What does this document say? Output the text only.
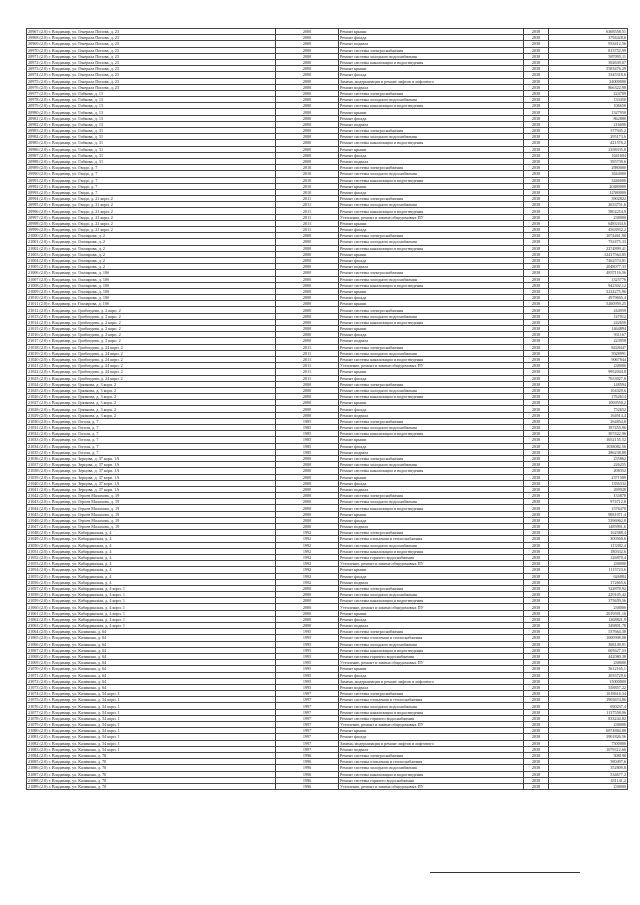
20967 (2.0) г. Владимир, ул. Генерала Попова, д. 23	2000	Ремонт крыши	2038	6368558,51
20968 (2.0) г. Владимир, ул. Генерала Попова, д. 23	2000	Ремонт фасада	2038	3794428,6
20969 (2.0) г. Владимир, ул. Генерала Попова, д. 23	2000	Ремонт подвала	2038	933412,56
20970 (2.0) г. Владимир, ул. Генерала Попова, д. 23	2000	Ремонт системы электроснабжения	2038	813752,99
20971 (2.0) г. Владимир, ул. Генерала Попова, д. 23	2000	Ремонт системы холодного водоснабжения	2038	587095,11
20972 (2.0) г. Владимир, ул. Генерала Попова, д. 23	2000	Ремонт системы канализации и водоотведения	2038	392639,07
20973 (2.0) г. Владимир, ул. Генерала Попова, д. 23	2000	Ремонт крыши	2038	5583476,29
20974 (2.0) г. Владимир, ул. Генерала Попова, д. 23	2000	Ремонт фасада	2038	3345318,6
20975 (2.0) г. Владимир, ул. Генерала Попова, д. 23	2000	Замена, модернизация и ремонт лифтов и лифтового	2038	24000000
20976 (2.0) г. Владимир, ул. Генерала Попова, д. 23	2000	Ремонт подвала	2038	866322,98
20977 (2.0) г. Владимир, ул. Гибкова, д. 13	2000	Ремонт системы электроснабжения	2038	224709
20978 (2.0) г. Владимир, ул. Гибкова, д. 13	2000	Ремонт системы холодного водоснабжения	2038	133450
20979 (2.0) г. Владимир, ул. Гибкова, д. 13	2000	Ремонт системы канализации и водоотведения	2038	106650
20980 (2.0) г. Владимир, ул. Гибкова, д. 13	2000	Ремонт крыши	2038	1327950
20981 (2.0) г. Владимир, ул. Гибкова, д. 13	2000	Ремонт фасада	2038	862880
20982 (2.0) г. Владимир, ул. Гибкова, д. 13	2000	Ремонт подвала	2038	216690
20983 (2.0) г. Владимир, ул. Гибкова, д. 31	2000	Ремонт системы электроснабжения	2038	377945,2
20984 (2.0) г. Владимир, ул. Гибкова, д. 31	2000	Ремонт системы холодного водоснабжения	2038	295173,6
20985 (2.0) г. Владимир, ул. Гибкова, д. 31	2000	Ремонт системы канализации и водоотведения	2038	421576,2
20986 (2.0) г. Владимир, ул. Гибкова, д. 31	2000	Ремонт крыши	2038	2358335,8
20987 (2.0) г. Владимир, ул. Гибкова, д. 31	2000	Ремонт фасада	2038	1641694
20988 (2.0) г. Владимир, ул. Гибкова, д. 31	2000	Ремонт подвала	2038	395739,6
20989 (2.0) г. Владимир, ул. Гвидо, д. 7	2010	Ремонт системы электроснабжения	2038	2980000
20990 (2.0) г. Владимир, ул. Гвидо, д. 7	2010	Ремонт системы холодного водоснабжения	2038	3644000
20991 (2.0) г. Владимир, ул. Гвидо, д. 7	2010	Ремонт системы канализации и водоотведения	2038	3446000
20992 (2.0) г. Владимир, ул. Гвидо, д. 7	2010	Ремонт крыши	2038	20480000
20993 (2.0) г. Владимир, ул. Гвидо, д. 7	2010	Ремонт фасада	2038	12580000
20994 (2.0) г. Владимир, ул. Гвидо, д. 21 корп. 2	2011	Ремонт системы электроснабжения	2038	3902822
20995 (2.0) г. Владимир, ул. Гвидо, д. 21 корп. 2	2011	Ремонт системы холодного водоснабжения	2038	2633751,6
20996 (2.0) г. Владимир, ул. Гвидо, д. 21 корп. 2	2011	Ремонт системы канализации и водоотведения	2038	5802254,9
20997 (2.0) г. Владимир, ул. Гвидо, д. 21 корп. 2	2011	Утепление, ремонт и замена общедомовых ПУ	2038	238000
20998 (2.0) г. Владимир, ул. Гвидо, д. 21 корп. 2	2011	Ремонт крыши	2038	6483334,6
20999 (2.0) г. Владимир, ул. Гвидо, д. 21 корп. 2	2011	Ремонт фасада	2038	4563932,2
21000 (2.0) г. Владимир, ул. Гончарова, д. 2	2000	Ремонт системы электроснабжения	2038	1074461,98
21001 (2.0) г. Владимир, ул. Гончарова, д. 2	2000	Ремонт системы холодного водоснабжения	2038	732475,33
21002 (2.0) г. Владимир, ул. Гончарова, д. 2	2000	Ремонт системы канализации и водоотведения	2038	2274899,41
21003 (2.0) г. Владимир, ул. Гончарова, д. 2	2000	Ремонт крыши	2038	12417564,85
21004 (2.0) г. Владимир, ул. Гончарова, д. 2	2000	Ремонт фасада	2038	7462574,81
21005 (2.0) г. Владимир, ул. Гончарова, д. 2	2000	Ремонт подвала	2038	2048077,33
21006 (2.0) г. Владимир, ул. Гончарова, д. 10б	2000	Ремонт системы электроснабжения	2038	4837116,36
21007 (2.0) г. Владимир, ул. Гончарова, д. 10б	2000	Ремонт системы холодного водоснабжения	2038	1325776
21008 (2.0) г. Владимир, ул. Гончарова, д. 10б	2000	Ремонт системы канализации и водоотведения	2038	942302,12
21009 (2.0) г. Владимир, ул. Гончарова, д. 10б	2000	Ремонт крыши	2038	3224275,96
21010 (2.0) г. Владимир, ул. Гончарова, д. 10б	2000	Ремонт фасада	2038	4979665,4
21011 (2.0) г. Владимир, ул. Гончарова, д. 10б	2000	Ремонт крыши	2038	5260959,25
21012 (2.0) г. Владимир, ул. Грибоедова, д. 2 корп. 2	2000	Ремонт системы электроснабжения	2038	244959
21013 (2.0) г. Владимир, ул. Грибоедова, д. 2 корп. 2	2000	Ремонт системы холодного водоснабжения	2038	147012
21014 (2.0) г. Владимир, ул. Грибоедова, д. 2 корп. 2	2000	Ремонт системы канализации и водоотведения	2038	242650
21015 (2.0) г. Владимир, ул. Грибоедова, д. 2 корп. 2	2000	Ремонт крыши	2038	1464894
21016 (2.0) г. Владимир, ул. Грибоедова, д. 2 корп. 2	2000	Ремонт фасада	2038	931167
21017 (2.0) г. Владимир, ул. Грибоедова, д. 2 корп. 2	2000	Ремонт подвала	2038	223958
21018 (2.0) г. Владимир, ул. Грибоедова, д. 24 корп. 2	2011	Ремонт системы электроснабжения	2038	8428447
21019 (2.0) г. Владимир, ул. Грибоедова, д. 24 корп. 2	2011	Ремонт системы холодного водоснабжения	2038	5928991
21020 (2.0) г. Владимир, ул. Грибоедова, д. 24 корп. 2	2011	Ремонт системы канализации и водоотведения	2038	9067844
21021 (2.0) г. Владимир, ул. Грибоедова, д. 24 корп. 2	2011	Утепление, ремонт и замена общедомовых ПУ	2038	238000
21022 (2.0) г. Владимир, ул. Грибоедова, д. 24 корп. 2	2011	Ремонт крыши	2038	9952044,8
21023 (2.0) г. Владимир, ул. Грибоедова, д. 24 корп. 2	2011	Ремонт фасада	2038	7653927,8
21024 (2.0) г. Владимир, ул. Грязнова, д. 3 корп. 2	2000	Ремонт системы электроснабжения	2038	148594
21025 (2.0) г. Владимир, ул. Грязнова, д. 3 корп. 2	2000	Ремонт системы холодного водоснабжения	2038	104329,6
21026 (2.0) г. Владимир, ул. Грязнова, д. 3 корп. 2	2000	Ремонт системы канализации и водоотведения	2038	1762614
21027 (2.0) г. Владимир, ул. Грязнова, д. 3 корп. 2	2000	Ремонт крыши	2038	1069550,2
21028 (2.0) г. Владимир, ул. Грязнова, д. 3 корп. 2	2000	Ремонт фасада	2038	752652
21029 (2.0) г. Владимир, ул. Грязнова, д. 3 корп. 2	2000	Ремонт подвала	2038	164914,4
21030 (2.0) г. Владимир, ул. Гоголя, д. 7	1985	Ремонт системы электроснабжения	2038	264854,8
21031 (2.0) г. Владимир, ул. Гоголя, д. 7	1985	Ремонт системы холодного водоснабжения	2038	187455,96
21032 (2.0) г. Владимир, ул. Гоголя, д. 7	1985	Ремонт системы канализации и водоотведения	2038	307422,96
21033 (2.0) г. Владимир, ул. Гоголя, д. 7	1985	Ремонт крыши	2038	1652155,52
21034 (2.0) г. Владимир, ул. Гоголя, д. 7	1985	Ремонт фасада	2038	1038082,56
21035 (2.0) г. Владимир, ул. Гоголя, д. 7	1985	Ремонт подвала	2038	286238,88
21036 (2.0) г. Владимир, ул. Зерцова, д. 37 корп. 1А	2000	Ремонт системы электроснабжения	2038	235862
21037 (2.0) г. Владимир, ул. Зерцова, д. 37 корп. 1А	2000	Ремонт системы холодного водоснабжения	2038	226255
21038 (2.0) г. Владимир, ул. Зерцова, д. 37 корп. 1А	2000	Ремонт системы канализации и водоотведения	2038	208352
21039 (2.0) г. Владимир, ул. Зерцова, д. 37 корп. 1А	2000	Ремонт крыши	2038	2371589
21040 (2.0) г. Владимир, ул. Зерцова, д. 37 корп. 1А	2000	Ремонт фасада	2038	1356332
21041 (2.0) г. Владимир, ул. Зерцова, д. 37 корп. 1А	2000	Ремонт подвала	2038	269928
21042 (2.0) г. Владимир, ул. Героев Малахова, д. 19	2000	Ремонт системы электроснабжения	2038	133878
21043 (2.0) г. Владимир, ул. Героев Малахова, д. 19	2000	Ремонт системы холодного водоснабжения	2038	974712,8
21044 (2.0) г. Владимир, ул. Героев Малахова, д. 19	2000	Ремонт системы канализации и водоотведения	2038	1576470
21045 (2.0) г. Владимир, ул. Героев Малахова, д. 19	2000	Ремонт крыши	2038	9081071,4
21046 (2.0) г. Владимир, ул. Героев Малахова, д. 19	2000	Ремонт фасада	2038	5396962,8
21047 (2.0) г. Владимир, ул. Героев Малахова, д. 19	2000	Ремонт подвала	2038	1485991,6
21048 (2.0) г. Владимир, ул. Кабардинская, д. 4	1992	Ремонт системы электроснабжения	2038	162588,4
21049 (2.0) г. Владимир, ул. Кабардинская, д. 4	1992	Ремонт системы отопления и теплоснабжения	2038	300560,6
21050 (2.0) г. Владимир, ул. Кабардинская, д. 4	1992	Ремонт системы холодного водоснабжения	2038	113382,4
21051 (2.0) г. Владимир, ул. Кабардинская, д. 4	1992	Ремонт системы канализации и водоотведения	2038	180332,6
21052 (2.0) г. Владимир, ул. Кабардинская, д. 4	1992	Ремонт системы горячего водоснабжения	2038	126870,4
21053 (2.0) г. Владимир, ул. Кабардинская, д. 4	1992	Утепление, ремонт и замена общедомовых ПУ	2038	238000
21054 (2.0) г. Владимир, ул. Кабардинская, д. 4	1992	Ремонт крыши	2038	1115723,6
21055 (2.0) г. Владимир, ул. Кабардинская, д. 4	1992	Ремонт фасада	2038	626884
21056 (2.0) г. Владимир, ул. Кабардинская, д. 4	1992	Ремонт подвала	2038	172665,6
21057 (2.0) г. Владимир, ул. Кабардинская, д. 4 корп. 1	2000	Ремонт системы электроснабжения	2038	322878,92
21058 (2.0) г. Владимир, ул. Кабардинская, д. 4 корп. 1	2000	Ремонт системы холодного водоснабжения	2038	229105,42
21059 (2.0) г. Владимир, ул. Кабардинская, д. 4 корп. 1	2000	Ремонт системы канализации и водоотведения	2038	375659,56
21060 (2.0) г. Владимир, ул. Кабардинская, д. 4 корп. 1	2000	Утепление, ремонт и замена общедомовых ПУ	2038	238000
21061 (2.0) г. Владимир, ул. Кабардинская, д. 4 корп. 1	2000	Ремонт крыши	2038	2019591,16
21062 (2.0) г. Владимир, ул. Кабардинская, д. 4 корп. 1	2000	Ремонт фасада	2038	1268821,9
21063 (2.0) г. Владимир, ул. Кабардинская, д. 4 корп. 1	2000	Ремонт подвала	2038	349801,78
21064 (2.0) г. Владимир, ул. Калинина, д. 64	1995	Ремонт системы электроснабжения	2038	537664,38
21065 (2.0) г. Владимир, ул. Калинина, д. 64	1995	Ремонт системы отопления и теплоснабжения	2038	1000908,08
21066 (2.0) г. Владимир, ул. Калинина, д. 64	1995	Ремонт системы холодного водоснабжения	2038	368149,91
21067 (2.0) г. Владимир, ул. Калинина, д. 64	1995	Ремонт системы канализации и водоотведения	2038	605627,53
21068 (2.0) г. Владимир, ул. Калинина, д. 64	1995	Ремонт системы горячего водоснабжения	2038	442080,38
21069 (2.0) г. Владимир, ул. Калинина, д. 64	1995	Утепление, ремонт и замена общедомовых ПУ	2038	238000
21070 (2.0) г. Владимир, ул. Калинина, д. 64	1995	Ремонт крыши	2038	3612165,1
21071 (2.0) г. Владимир, ул. Калинина, д. 64	1995	Ремонт фасада	2038	2035729,6
21072 (2.0) г. Владимир, ул. Калинина, д. 64	1995	Замена, модернизация и ремонт лифтов и лифтового	2038	15000000
21073 (2.0) г. Владимир, ул. Калинина, д. 64	1995	Ремонт подвала	2038	558857,22
21074 (2.0) г. Владимир, ул. Калинина, д. 54 корп. 1	1997	Ремонт системы электроснабжения	2038	1018616,34
21075 (2.0) г. Владимир, ул. Калинина, д. 54 корп. 1	1997	Ремонт системы отопления и теплоснабжения	2038	1903674,86
21076 (2.0) г. Владимир, ул. Калинина, д. 54 корп. 1	1997	Ремонт системы холодного водоснабжения	2038	690237,4
21077 (2.0) г. Владимир, ул. Калинина, д. 54 корп. 1	1997	Ремонт системы канализации и водоотведения	2038	1137558,06
21078 (2.0) г. Владимир, ул. Калинина, д. 54 корп. 1	1997	Ремонт системы горячего водоснабжения	2038	833244,82
21079 (2.0) г. Владимир, ул. Калинина, д. 54 корп. 1	1997	Утепление, ремонт и замена общедомовых ПУ	2038	238000
21080 (2.0) г. Владимир, ул. Калинина, д. 54 корп. 1	1997	Ремонт крыши	2038	6874884,88
21081 (2.0) г. Владимир, ул. Калинина, д. 54 корп. 1	1997	Ремонт фасада	2038	3901826,56
21082 (2.0) г. Владимир, ул. Калинина, д. 54 корп. 1	1997	Замена, модернизация и ремонт лифтов и лифтового	2038	7500000
21083 (2.0) г. Владимир, ул. Калинина, д. 54 корп. 1	1997	Ремонт подвала	2038	1079312,66
21084 (2.0) г. Владимир, ул. Калинина, д. 70	1996	Ремонт системы электроснабжения	2038	508198
21085 (2.0) г. Владимир, ул. Калинина, д. 70	1996	Ремонт системы отопления и теплоснабжения	2038	580497,6
21086 (2.0) г. Владимир, ул. Калинина, д. 70	1996	Ремонт системы холодного водоснабжения	2038	352809,8
21087 (2.0) г. Владимир, ул. Калинина, д. 70	1996	Ремонт системы канализации и водоотведения	2038	534677,2
21088 (2.0) г. Владимир, ул. Калинина, д. 70	1996	Ремонт системы горячего водоснабжения	2038	431141,2
21089 (2.0) г. Владимир, ул. Калинина, д. 70	1996	Утепление, ремонт и замена общедомовых ПУ	2038	238000
